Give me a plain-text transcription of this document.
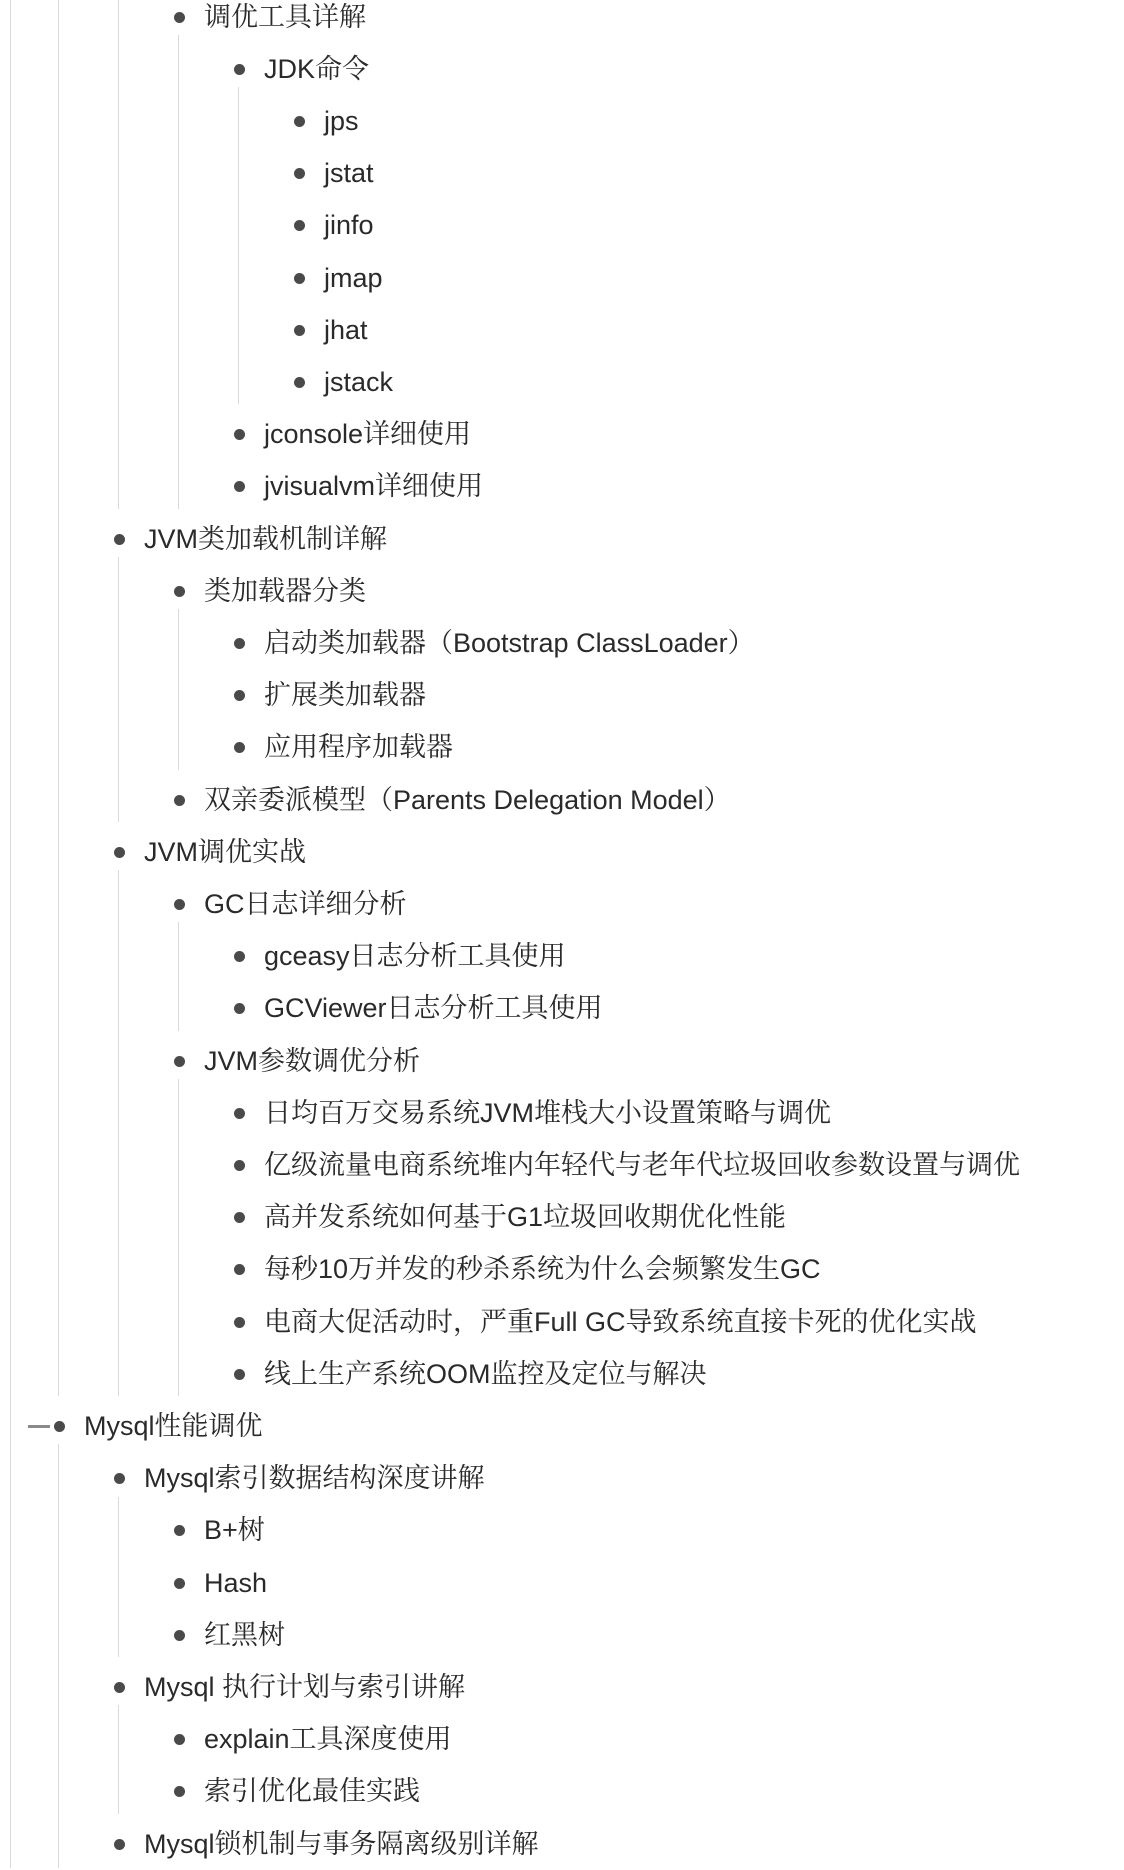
调优工具详解
JDK命令
jps
jstat
jinfo
jmap
jhat
jstack
jconsole详细使用
jvisualvm详细使用
JVM类加载机制详解
类加载器分类
启动类加载器（Bootstrap ClassLoader）
扩展类加载器
应用程序加载器
双亲委派模型（Parents Delegation Model）
JVM调优实战
GC日志详细分析
gceasy日志分析工具使用
GCViewer日志分析工具使用
JVM参数调优分析
日均百万交易系统JVM堆栈大小设置策略与调优
亿级流量电商系统堆内年轻代与老年代垃圾回收参数设置与调优
高并发系统如何基于G1垃圾回收期优化性能
每秒10万并发的秒杀系统为什么会频繁发生GC
电商大促活动时，严重Full GC导致系统直接卡死的优化实战
线上生产系统OOM监控及定位与解决
Mysql性能调优
Mysql索引数据结构深度讲解
B+树
Hash
红黑树
Mysql 执行计划与索引讲解
explain工具深度使用
索引优化最佳实践
Mysql锁机制与事务隔离级别详解
